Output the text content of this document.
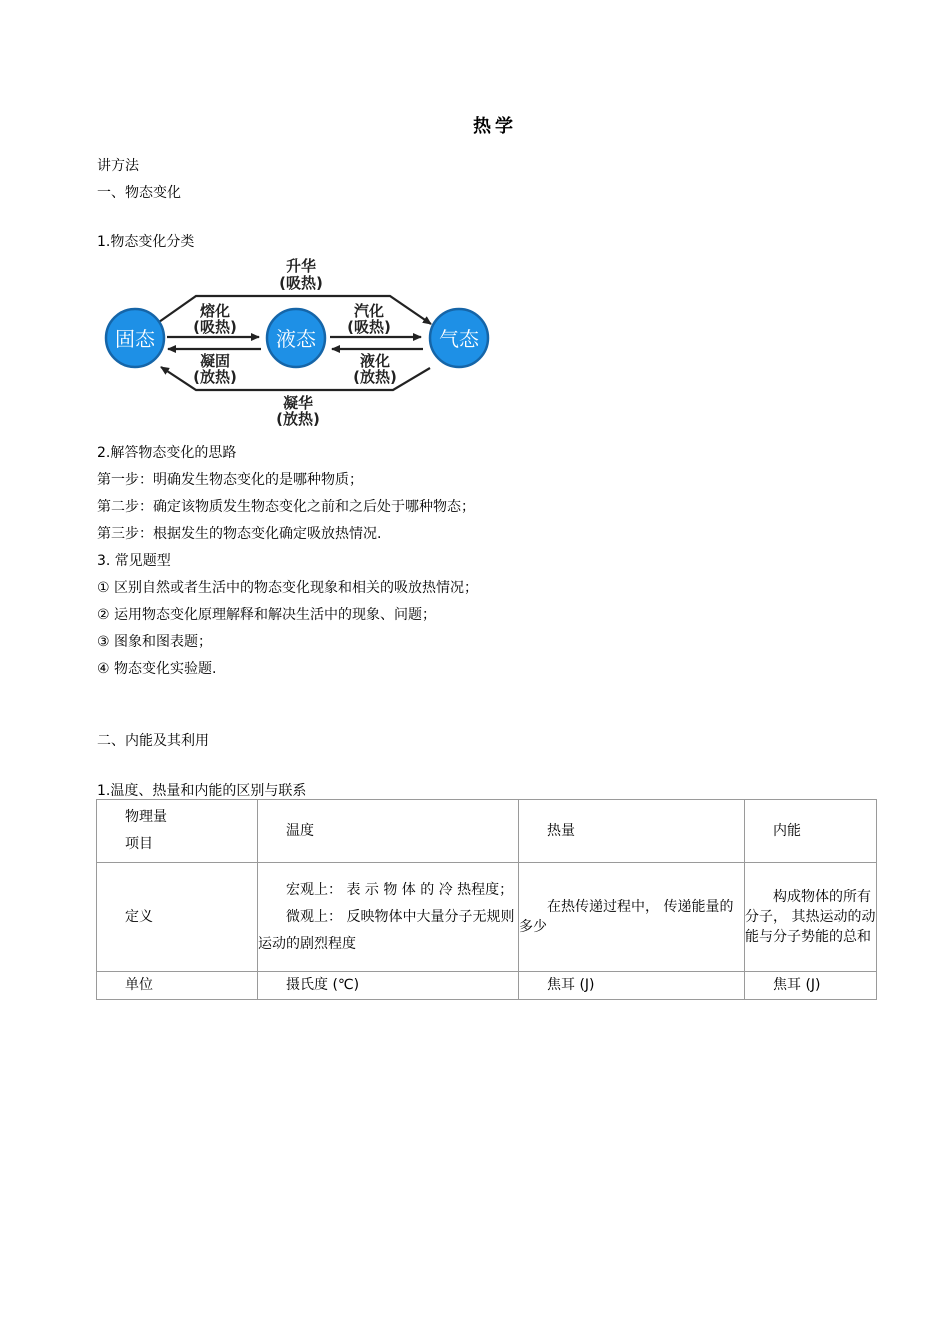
热学
讲方法
一、物态变化
1.物态变化分类
固态	液态	气态
升华
(吸热)
熔化
(吸热)
汽化
(吸热)
凝固
(放热)
液化
(放热)
凝华
(放热)
2.解答物态变化的思路
第一步：明确发生物态变化的是哪种物质；
第二步：确定该物质发生物态变化之前和之后处于哪种物态；
第三步：根据发生的物态变化确定吸放热情况.
3. 常见题型
① 区别自然或者生活中的物态变化现象和相关的吸放热情况；
② 运用物态变化原理解释和解决生活中的现象、问题；
③ 图象和图表题；
④ 物态变化实验题.
二、内能及其利用
1.温度、热量和内能的区别与联系
物理量
项目	温度	热量	内能
定义	宏观上： 表 示 物 体 的 冷 热程度；
微观上： 反映物体中大量分子无规则运动的剧烈程度	在热传递过程中， 传递能量的多少	构成物体的所有分子， 其热运动的动能与分子势能的总和

单位	摄氏度 (℃)	焦耳 (J)	焦耳 (J)
